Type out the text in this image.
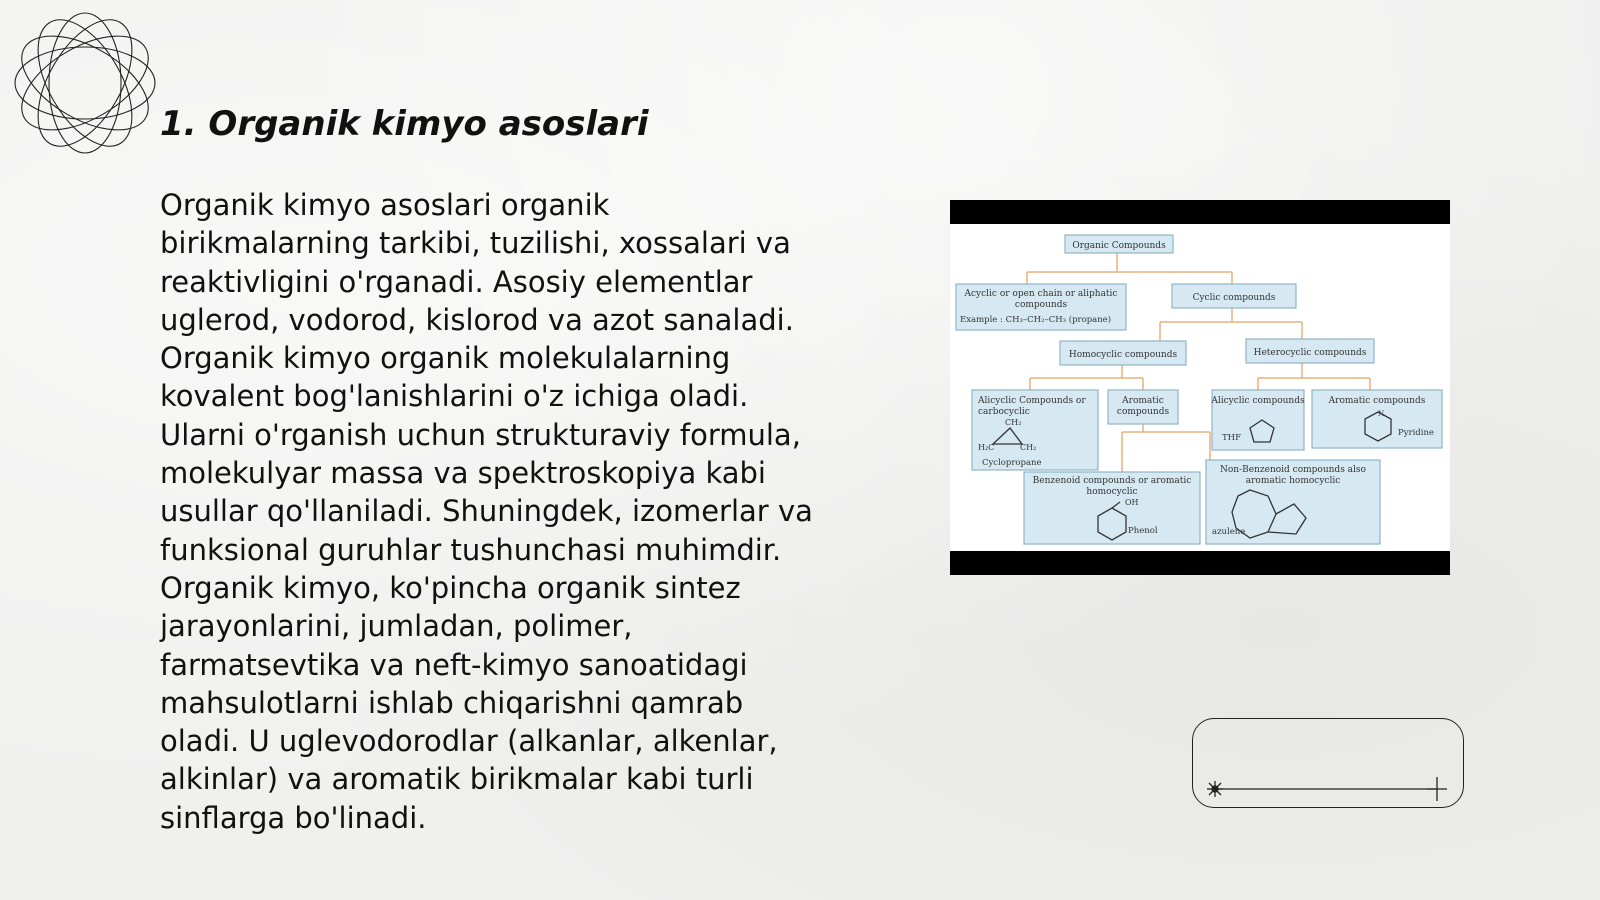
1. Organik kimyo asoslari
Organik kimyo asoslari organik
birikmalarning tarkibi, tuzilishi, xossalari va
reaktivligini o'rganadi. Asosiy elementlar
uglerod, vodorod, kislorod va azot sanaladi.
Organik kimyo organik molekulalarning
kovalent bog'lanishlarini o'z ichiga oladi.
Ularni o'rganish uchun strukturaviy formula,
molekulyar massa va spektroskopiya kabi
usullar qo'llaniladi. Shuningdek, izomerlar va
funksional guruhlar tushunchasi muhimdir.
Organik kimyo, ko'pincha organik sintez
jarayonlarini, jumladan, polimer,
farmatsevtika va neft-kimyo sanoatidagi
mahsulotlarni ishlab chiqarishni qamrab
oladi. U uglevodorodlar (alkanlar, alkenlar,
alkinlar) va aromatik birikmalar kabi turli
sinflarga bo'linadi.
Organic Compounds
Acyclic or open chain or aliphatic
compounds
Cyclic compounds
Homocyclic compounds	Heterocyclic compounds
Aromatic
compounds
Alicyclic compounds	Aromatic compounds
Benzenoid compounds or aromatic
homocyclic
Non-Benzenoid compounds also
aromatic homocyclic
Example : CH₃–CH₂–CH₃ (propane)
Alicyclic Compounds or
carbocyclic
CH₂
H₂C	CH₂
Cyclopropane
THF	Pyridine
N
OH
Phenol	azulene
